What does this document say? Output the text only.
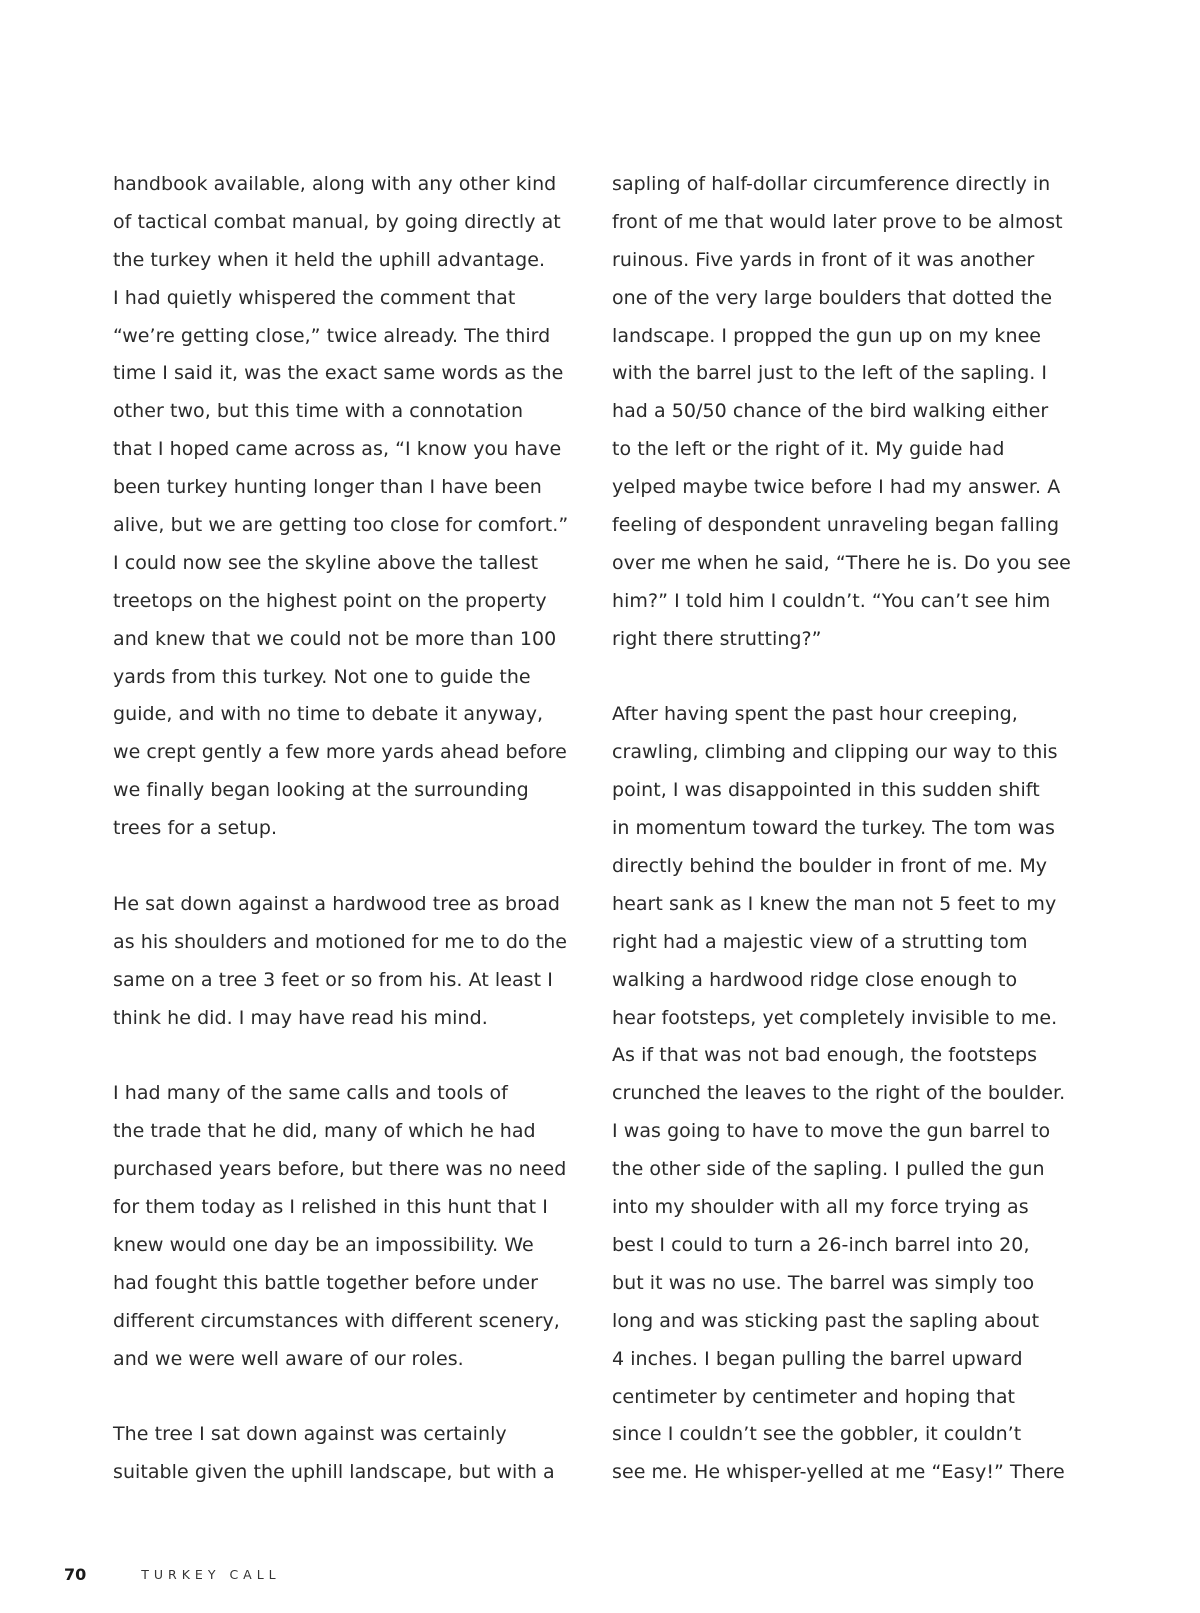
handbook available, along with any other kind
of tactical combat manual, by going directly at
the turkey when it held the uphill advantage.
I had quietly whispered the comment that
“we’re getting close,” twice already. The third
time I said it, was the exact same words as the
other two, but this time with a connotation
that I hoped came across as, “I know you have
been turkey hunting longer than I have been
alive, but we are getting too close for comfort.”
I could now see the skyline above the tallest
treetops on the highest point on the property
and knew that we could not be more than 100
yards from this turkey. Not one to guide the
guide, and with no time to debate it anyway,
we crept gently a few more yards ahead before
we finally began looking at the surrounding
trees for a setup.
He sat down against a hardwood tree as broad
as his shoulders and motioned for me to do the
same on a tree 3 feet or so from his. At least I
think he did. I may have read his mind.
I had many of the same calls and tools of
the trade that he did, many of which he had
purchased years before, but there was no need
for them today as I relished in this hunt that I
knew would one day be an impossibility. We
had fought this battle together before under
different circumstances with different scenery,
and we were well aware of our roles.
The tree I sat down against was certainly
suitable given the uphill landscape, but with a
sapling of half-dollar circumference directly in
front of me that would later prove to be almost
ruinous. Five yards in front of it was another
one of the very large boulders that dotted the
landscape. I propped the gun up on my knee
with the barrel just to the left of the sapling. I
had a 50/50 chance of the bird walking either
to the left or the right of it. My guide had
yelped maybe twice before I had my answer. A
feeling of despondent unraveling began falling
over me when he said, “There he is. Do you see
him?” I told him I couldn’t. “You can’t see him
right there strutting?”
After having spent the past hour creeping,
crawling, climbing and clipping our way to this
point, I was disappointed in this sudden shift
in momentum toward the turkey. The tom was
directly behind the boulder in front of me. My
heart sank as I knew the man not 5 feet to my
right had a majestic view of a strutting tom
walking a hardwood ridge close enough to
hear footsteps, yet completely invisible to me.
As if that was not bad enough, the footsteps
crunched the leaves to the right of the boulder.
I was going to have to move the gun barrel to
the other side of the sapling. I pulled the gun
into my shoulder with all my force trying as
best I could to turn a 26-inch barrel into 20,
but it was no use. The barrel was simply too
long and was sticking past the sapling about
4 inches. I began pulling the barrel upward
centimeter by centimeter and hoping that
since I couldn’t see the gobbler, it couldn’t
see me. He whisper-yelled at me “Easy!” There
70	TURKEY CALL
